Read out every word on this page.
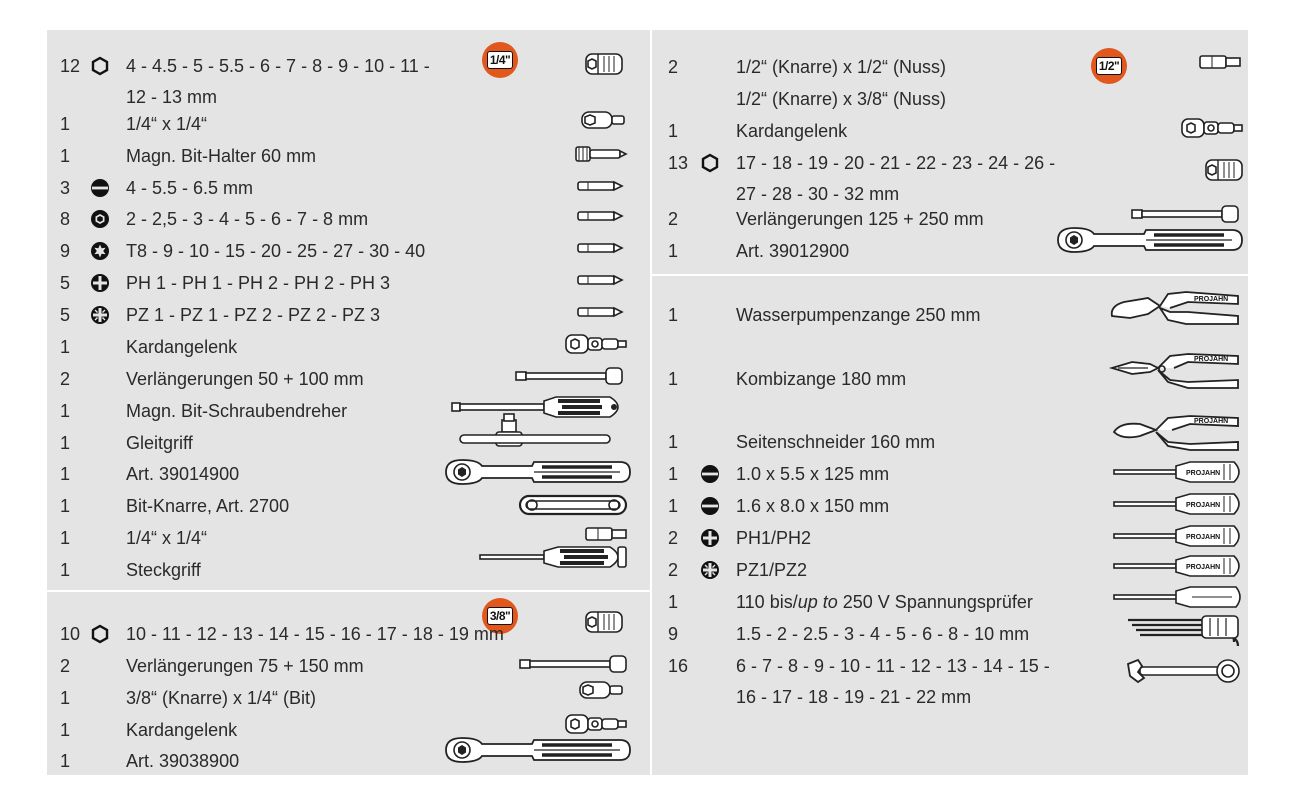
1/4"
3/8"
1/2"
12	4 - 4.5 - 5 - 5.5 - 6 - 7 - 8 - 9 - 10 - 11 -
12 - 13 mm
1	1/4“ x 1/4“
1	Magn. Bit-Halter 60 mm
3	4 - 5.5 - 6.5 mm
8	2 - 2,5 - 3 - 4 - 5 - 6 - 7 - 8 mm
9	T8 - 9 - 10 - 15 - 20 - 25 - 27 - 30 - 40
5	PH 1 - PH 1 - PH 2 - PH 2 - PH 3
5	PZ 1 - PZ 1 - PZ 2 - PZ 2 - PZ 3
1	Kardangelenk
2	Verlängerungen 50 + 100 mm
1	Magn. Bit-Schraubendreher
1	Gleitgriff
1	Art. 39014900
1	Bit-Knarre, Art. 2700
1	1/4“ x 1/4“
1	Steckgriff
10	10 - 11 - 12 - 13 - 14 - 15 - 16 - 17 - 18 - 19 mm
2	Verlängerungen 75 + 150 mm
1	3/8“ (Knarre) x 1/4“ (Bit)
1	Kardangelenk
1	Art. 39038900
2	1/2“ (Knarre) x 1/2“ (Nuss)
1/2“ (Knarre) x 3/8“ (Nuss)
1	Kardangelenk
13	17 - 18 - 19 - 20 - 21 - 22 - 23 - 24 - 26 -
27 - 28 - 30 - 32 mm
2	Verlängerungen 125 + 250 mm
1	Art. 39012900
1	Wasserpumpenzange 250 mm
PROJAHN
1	Kombizange 180 mm
PROJAHN
1	Seitenschneider 160 mm
PROJAHN
1	1.0 x 5.5 x 125 mm	PROJAHN
1	1.6 x 8.0 x 150 mm	PROJAHN
2	PH1/PH2	PROJAHN
2	PZ1/PZ2	PROJAHN
1	110 bis/up to 250 V Spannungsprüfer
9	1.5 - 2 - 2.5 - 3 - 4 - 5 - 6 - 8 - 10 mm
16	6 - 7 - 8 - 9 - 10 - 11 - 12 - 13 - 14 - 15 -
16 - 17 - 18 - 19 - 21 - 22 mm
